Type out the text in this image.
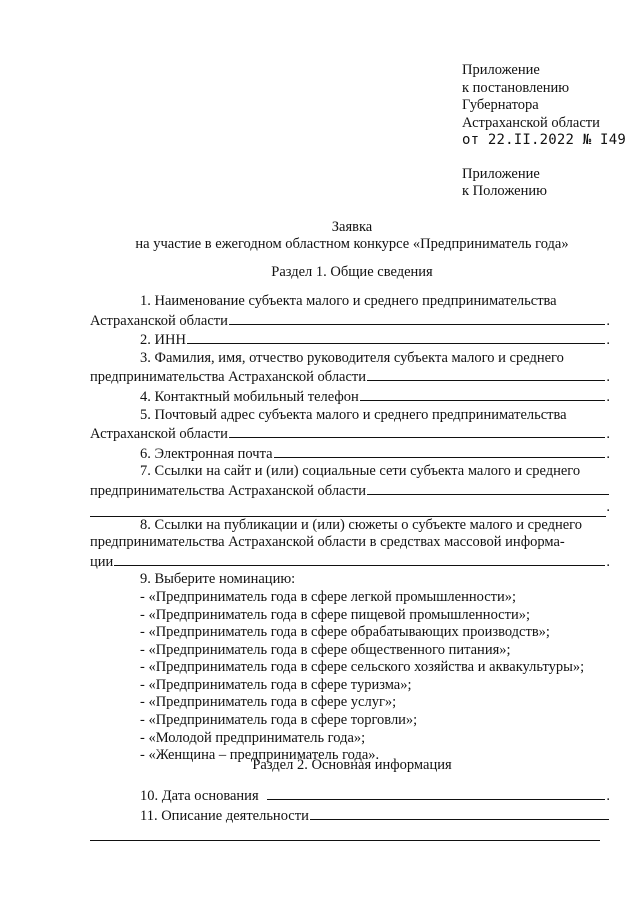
Приложение
к постановлению
Губернатора
Астраханской области
от 22.II.2022 № I49
Приложение
к Положению
Заявка
на участие в ежегодном областном конкурсе «Предприниматель года»
Раздел 1. Общие сведения
1. Наименование субъекта малого и среднего предпринимательства
Астраханской области	.
2. ИНН	.
3. Фамилия, имя, отчество руководителя субъекта малого и среднего
предпринимательства Астраханской области	.
4. Контактный мобильный телефон	.
5. Почтовый адрес субъекта малого и среднего предпринимательства
Астраханской области	.
6. Электронная почта	.
7. Ссылки на сайт и (или) социальные сети субъекта малого и среднего
предпринимательства Астраханской области
.
8. Ссылки на публикации и (или) сюжеты о субъекте малого и среднего
предпринимательства Астраханской области в средствах массовой информа-
ции	.
9. Выберите номинацию:
- «Предприниматель года в сфере легкой промышленности»;
- «Предприниматель года в сфере пищевой промышленности»;
- «Предприниматель года в сфере обрабатывающих производств»;
- «Предприниматель года в сфере общественного питания»;
- «Предприниматель года в сфере сельского хозяйства и аквакультуры»;
- «Предприниматель года в сфере туризма»;
- «Предприниматель года в сфере услуг»;
- «Предприниматель года в сфере торговли»;
- «Молодой предприниматель года»;
- «Женщина – предприниматель года».
Раздел 2. Основная информация
10. Дата основания	.
11. Описание деятельности
